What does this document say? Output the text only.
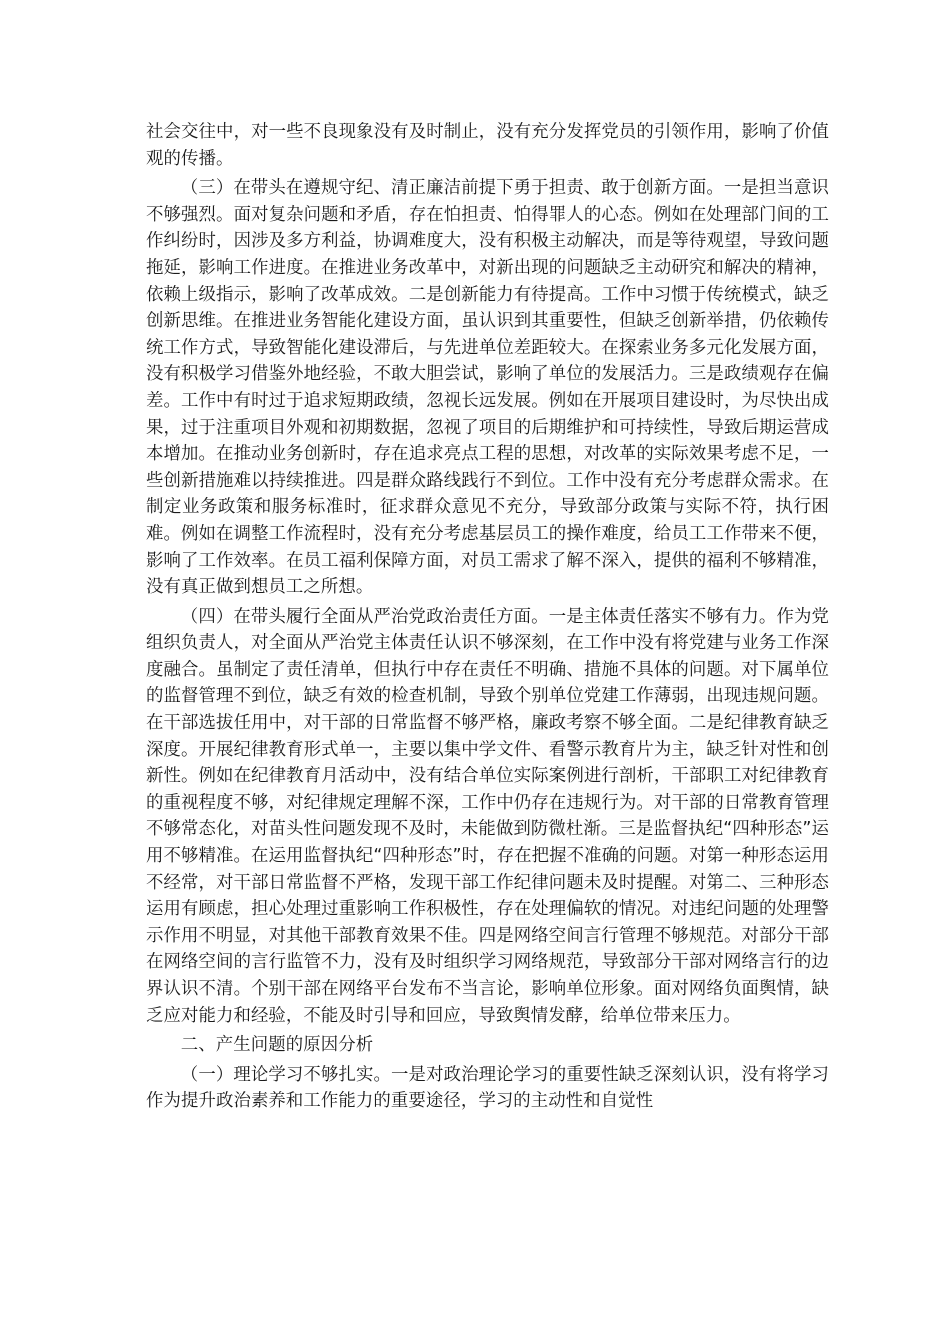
社会交往中，对一些不良现象没有及时制止，没有充分发挥党员的引领作用，影响了价值观的传播。

（三）在带头在遵规守纪、清正廉洁前提下勇于担责、敢于创新方面。一是担当意识不够强烈。面对复杂问题和矛盾，存在怕担责、怕得罪人的心态。例如在处理部门间的工作纠纷时，因涉及多方利益，协调难度大，没有积极主动解决，而是等待观望，导致问题拖延，影响工作进度。在推进业务改革中，对新出现的问题缺乏主动研究和解决的精神，依赖上级指示，影响了改革成效。二是创新能力有待提高。工作中习惯于传统模式，缺乏创新思维。在推进业务智能化建设方面，虽认识到其重要性，但缺乏创新举措，仍依赖传统工作方式，导致智能化建设滞后，与先进单位差距较大。在探索业务多元化发展方面，没有积极学习借鉴外地经验，不敢大胆尝试，影响了单位的发展活力。三是政绩观存在偏差。工作中有时过于追求短期政绩，忽视长远发展。例如在开展项目建设时，为尽快出成果，过于注重项目外观和初期数据，忽视了项目的后期维护和可持续性，导致后期运营成本增加。在推动业务创新时，存在追求亮点工程的思想，对改革的实际效果考虑不足，一些创新措施难以持续推进。四是群众路线践行不到位。工作中没有充分考虑群众需求。在制定业务政策和服务标准时，征求群众意见不充分，导致部分政策与实际不符，执行困难。例如在调整工作流程时，没有充分考虑基层员工的操作难度，给员工工作带来不便，影响了工作效率。在员工福利保障方面，对员工需求了解不深入，提供的福利不够精准，没有真正做到想员工之所想。

（四）在带头履行全面从严治党政治责任方面。一是主体责任落实不够有力。作为党组织负责人，对全面从严治党主体责任认识不够深刻，在工作中没有将党建与业务工作深度融合。虽制定了责任清单，但执行中存在责任不明确、措施不具体的问题。对下属单位的监督管理不到位，缺乏有效的检查机制，导致个别单位党建工作薄弱，出现违规问题。在干部选拔任用中，对干部的日常监督不够严格，廉政考察不够全面。二是纪律教育缺乏深度。开展纪律教育形式单一，主要以集中学文件、看警示教育片为主，缺乏针对性和创新性。例如在纪律教育月活动中，没有结合单位实际案例进行剖析，干部职工对纪律教育的重视程度不够，对纪律规定理解不深，工作中仍存在违规行为。对干部的日常教育管理不够常态化，对苗头性问题发现不及时，未能做到防微杜渐。三是监督执纪“四种形态”运用不够精准。在运用监督执纪“四种形态”时，存在把握不准确的问题。对第一种形态运用不经常，对干部日常监督不严格，发现干部工作纪律问题未及时提醒。对第二、三种形态运用有顾虑，担心处理过重影响工作积极性，存在处理偏软的情况。对违纪问题的处理警示作用不明显，对其他干部教育效果不佳。四是网络空间言行管理不够规范。对部分干部在网络空间的言行监管不力，没有及时组织学习网络规范，导致部分干部对网络言行的边界认识不清。个别干部在网络平台发布不当言论，影响单位形象。面对网络负面舆情，缺乏应对能力和经验，不能及时引导和回应，导致舆情发酵，给单位带来压力。

二、产生问题的原因分析

（一）理论学习不够扎实。一是对政治理论学习的重要性缺乏深刻认识，没有将学习作为提升政治素养和工作能力的重要途径，学习的主动性和自觉性
